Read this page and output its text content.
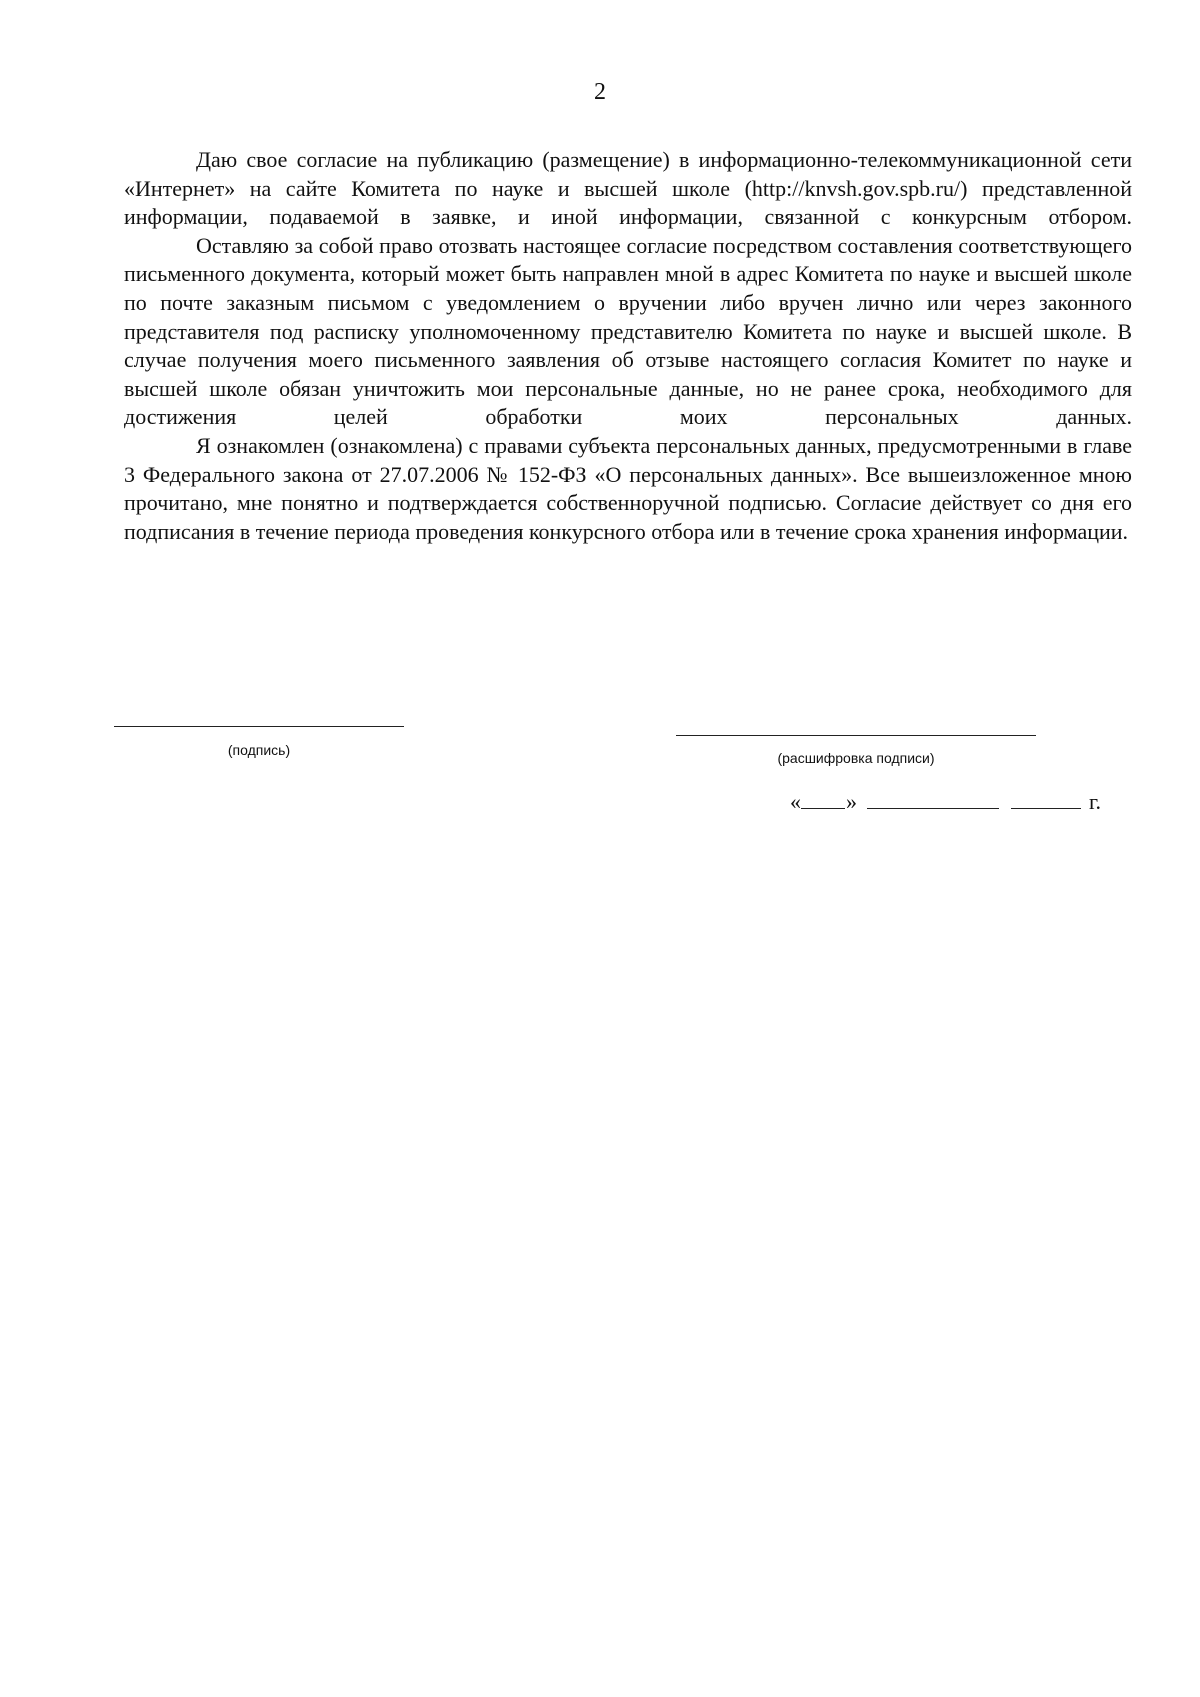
2

Даю свое согласие на публикацию (размещение) в информационно-телекоммуникационной сети «Интернет» на сайте Комитета по науке и высшей школе (http://knvsh.gov.spb.ru/) представленной информации, подаваемой в заявке, и иной информации, связанной с конкурсным отбором.

Оставляю за собой право отозвать настоящее согласие посредством составления соответствующего письменного документа, который может быть направлен мной в адрес Комитета по науке и высшей школе по почте заказным письмом с уведомлением о вручении либо вручен лично или через законного представителя под расписку уполномоченному представителю Комитета по науке и высшей школе. В случае получения моего письменного заявления об отзыве настоящего согласия Комитет по науке и высшей школе обязан уничтожить мои персональные данные, но не ранее срока, необходимого для достижения целей обработки моих персональных данных.

Я ознакомлен (ознакомлена) с правами субъекта персональных данных, предусмотренными в главе 3 Федерального закона от 27.07.2006 № 152-ФЗ «О персональных данных». Все вышеизложенное мною прочитано, мне понятно и подтверждается собственноручной подписью. Согласие действует со дня его подписания в течение периода проведения конкурсного отбора или в течение срока хранения информации.

(подпись)	(расшифровка подписи)
« »	г.
